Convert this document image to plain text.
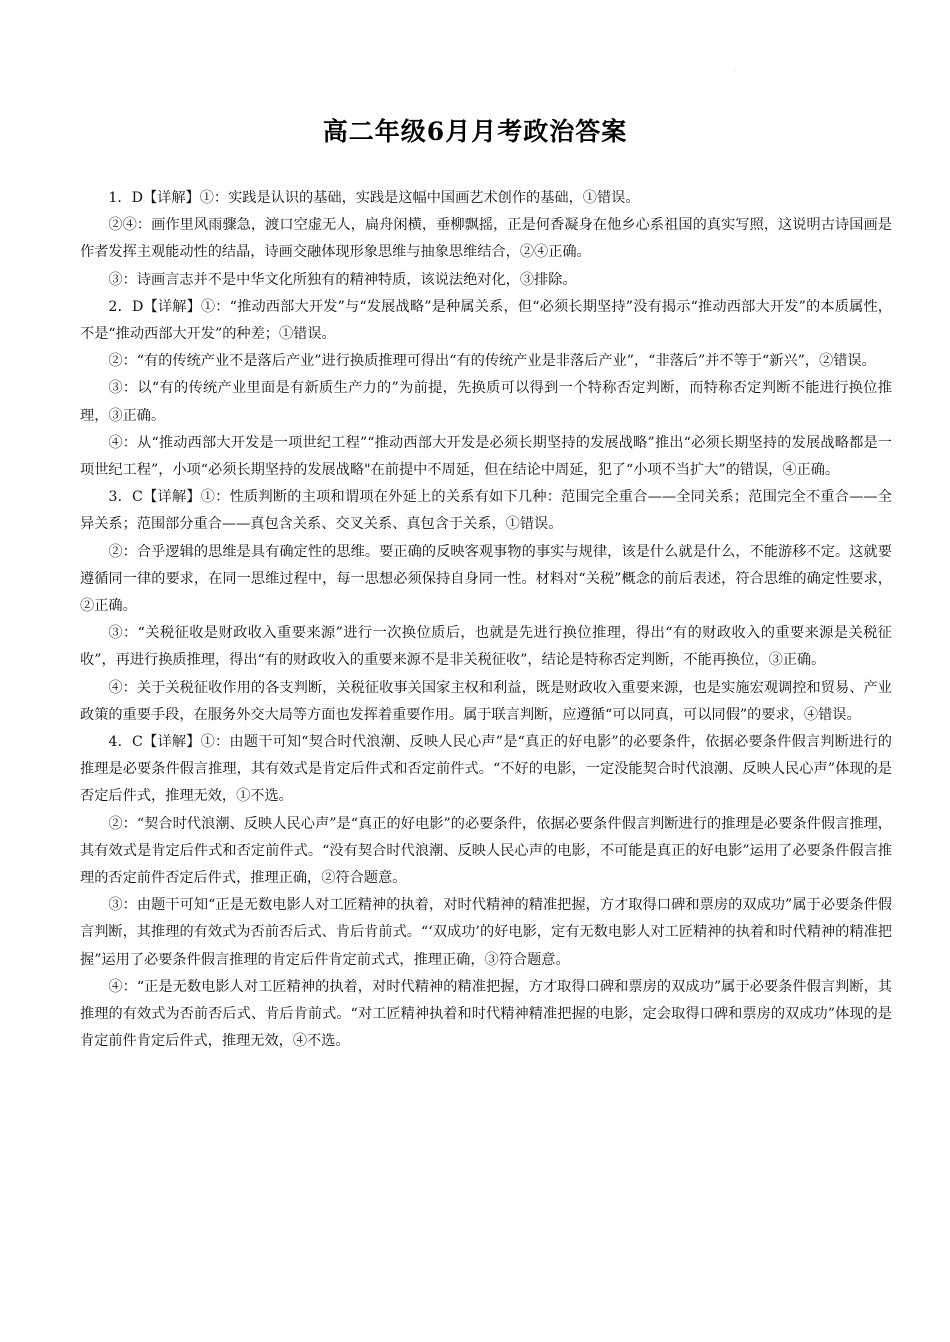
·
高二年级6月月考政治答案

1．D【详解】①：实践是认识的基础，实践是这幅中国画艺术创作的基础，①错误。

②④：画作里风雨骤急，渡口空虚无人，扁舟闲横，垂柳飘摇，正是何香凝身在他乡心系祖国的真实写照，这说明古诗国画是作者发挥主观能动性的结晶，诗画交融体现形象思维与抽象思维结合，②④正确。

③：诗画言志并不是中华文化所独有的精神特质，该说法绝对化，③排除。

2．D【详解】①：“推动西部大开发”与“发展战略”是种属关系，但“必须长期坚持”没有揭示“推动西部大开发”的本质属性，不是“推动西部大开发”的种差；①错误。

②：“有的传统产业不是落后产业”进行换质推理可得出“有的传统产业是非落后产业”，“非落后”并不等于“新兴”，②错误。

③：以“有的传统产业里面是有新质生产力的”为前提，先换质可以得到一个特称否定判断，而特称否定判断不能进行换位推理，③正确。

④：从“推动西部大开发是一项世纪工程”“推动西部大开发是必须长期坚持的发展战略”推出“必须长期坚持的发展战略都是一项世纪工程”，小项“必须长期坚持的发展战略"在前提中不周延，但在结论中周延，犯了“小项不当扩大”的错误，④正确。

3．C【详解】①：性质判断的主项和谓项在外延上的关系有如下几种：范围完全重合——全同关系；范围完全不重合——全异关系；范围部分重合——真包含关系、交叉关系、真包含于关系，①错误。

②：合乎逻辑的思维是具有确定性的思维。要正确的反映客观事物的事实与规律，该是什么就是什么，不能游移不定。这就要遵循同一律的要求，在同一思维过程中，每一思想必须保持自身同一性。材料对“关税”概念的前后表述，符合思维的确定性要求，②正确。

③：“关税征收是财政收入重要来源”进行一次换位质后，也就是先进行换位推理，得出“有的财政收入的重要来源是关税征收”，再进行换质推理，得出“有的财政收入的重要来源不是非关税征收”，结论是特称否定判断，不能再换位，③正确。

④：关于关税征收作用的各支判断，关税征收事关国家主权和利益，既是财政收入重要来源，也是实施宏观调控和贸易、产业政策的重要手段，在服务外交大局等方面也发挥着重要作用。属于联言判断，应遵循“可以同真，可以同假”的要求，④错误。

4．C【详解】①：由题干可知“契合时代浪潮、反映人民心声”是“真正的好电影”的必要条件，依据必要条件假言判断进行的推理是必要条件假言推理，其有效式是肯定后件式和否定前件式。“不好的电影，一定没能契合时代浪潮、反映人民心声”体现的是否定后件式，推理无效，①不选。

②：“契合时代浪潮、反映人民心声”是“真正的好电影”的必要条件，依据必要条件假言判断进行的推理是必要条件假言推理，其有效式是肯定后件式和否定前件式。“没有契合时代浪潮、反映人民心声的电影，不可能是真正的好电影”运用了必要条件假言推理的否定前件否定后件式，推理正确，②符合题意。

③：由题干可知“正是无数电影人对工匠精神的执着，对时代精神的精准把握，方才取得口碑和票房的双成功”属于必要条件假言判断，其推理的有效式为否前否后式、肯后肯前式。“‘双成功’的好电影，定有无数电影人对工匠精神的执着和时代精神的精准把握”运用了必要条件假言推理的肯定后件肯定前式式，推理正确，③符合题意。

④：“正是无数电影人对工匠精神的执着，对时代精神的精准把握，方才取得口碑和票房的双成功”属于必要条件假言判断，其推理的有效式为否前否后式、肯后肯前式。“对工匠精神执着和时代精神精准把握的电影，定会取得口碑和票房的双成功”体现的是肯定前件肯定后件式，推理无效，④不选。
